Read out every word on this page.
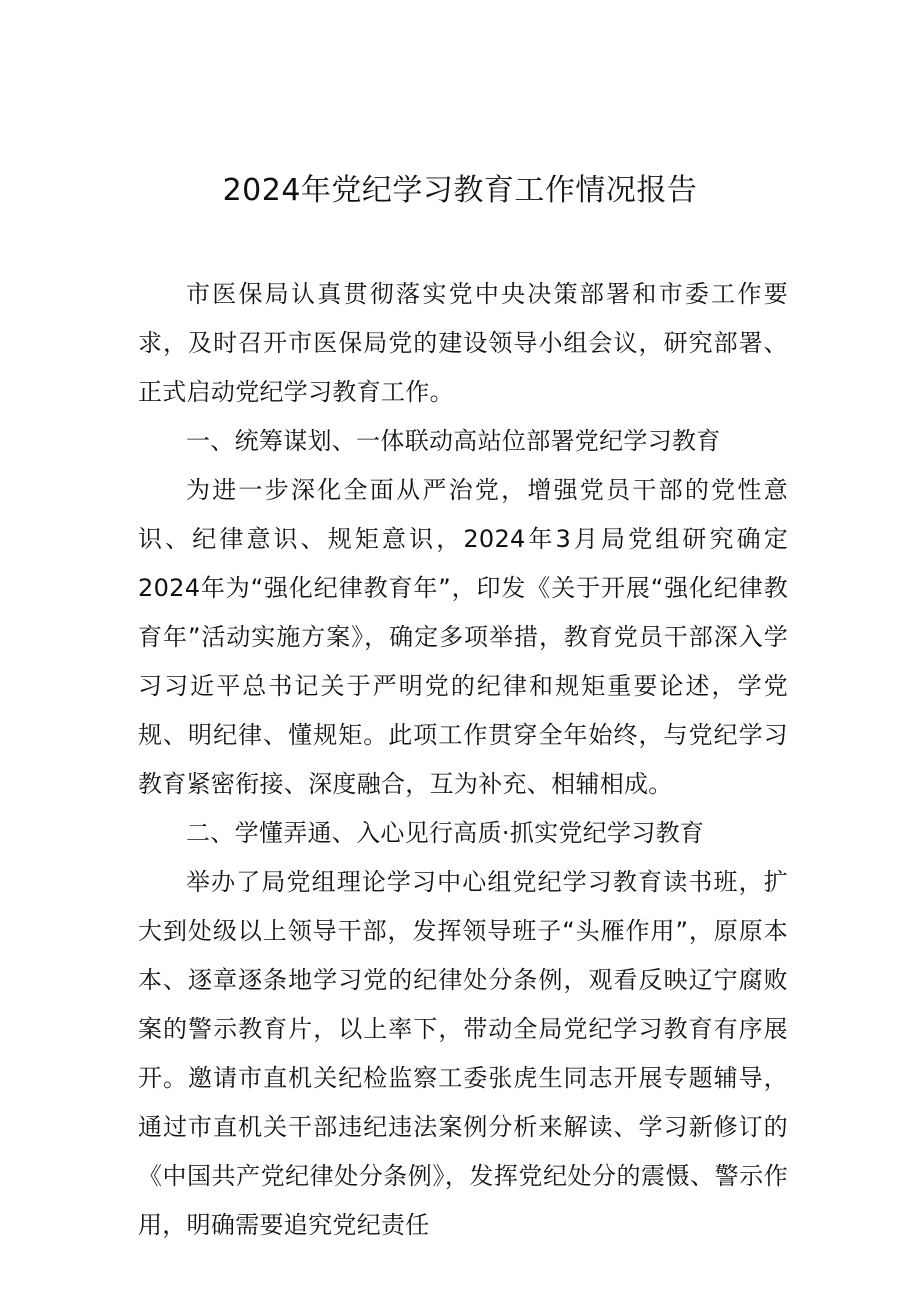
2024年党纪学习教育工作情况报告

市医保局认真贯彻落实党中央决策部署和市委工作要求，及时召开市医保局党的建设领导小组会议，研究部署、正式启动党纪学习教育工作。

一、统筹谋划、一体联动高站位部署党纪学习教育

为进一步深化全面从严治党，增强党员干部的党性意识、纪律意识、规矩意识，2024年3月局党组研究确定2024年为“强化纪律教育年”，印发《关于开展“强化纪律教育年”活动实施方案》，确定多项举措，教育党员干部深入学习习近平总书记关于严明党的纪律和规矩重要论述，学党规、明纪律、懂规矩。此项工作贯穿全年始终，与党纪学习教育紧密衔接、深度融合，互为补充、相辅相成。

二、学懂弄通、入心见行高质·抓实党纪学习教育

举办了局党组理论学习中心组党纪学习教育读书班，扩大到处级以上领导干部，发挥领导班子“头雁作用”，原原本本、逐章逐条地学习党的纪律处分条例，观看反映辽宁腐败案的警示教育片，以上率下，带动全局党纪学习教育有序展开。邀请市直机关纪检监察工委张虎生同志开展专题辅导，通过市直机关干部违纪违法案例分析来解读、学习新修订的《中国共产党纪律处分条例》，发挥党纪处分的震慑、警示作用，明确需要追究党纪责任
